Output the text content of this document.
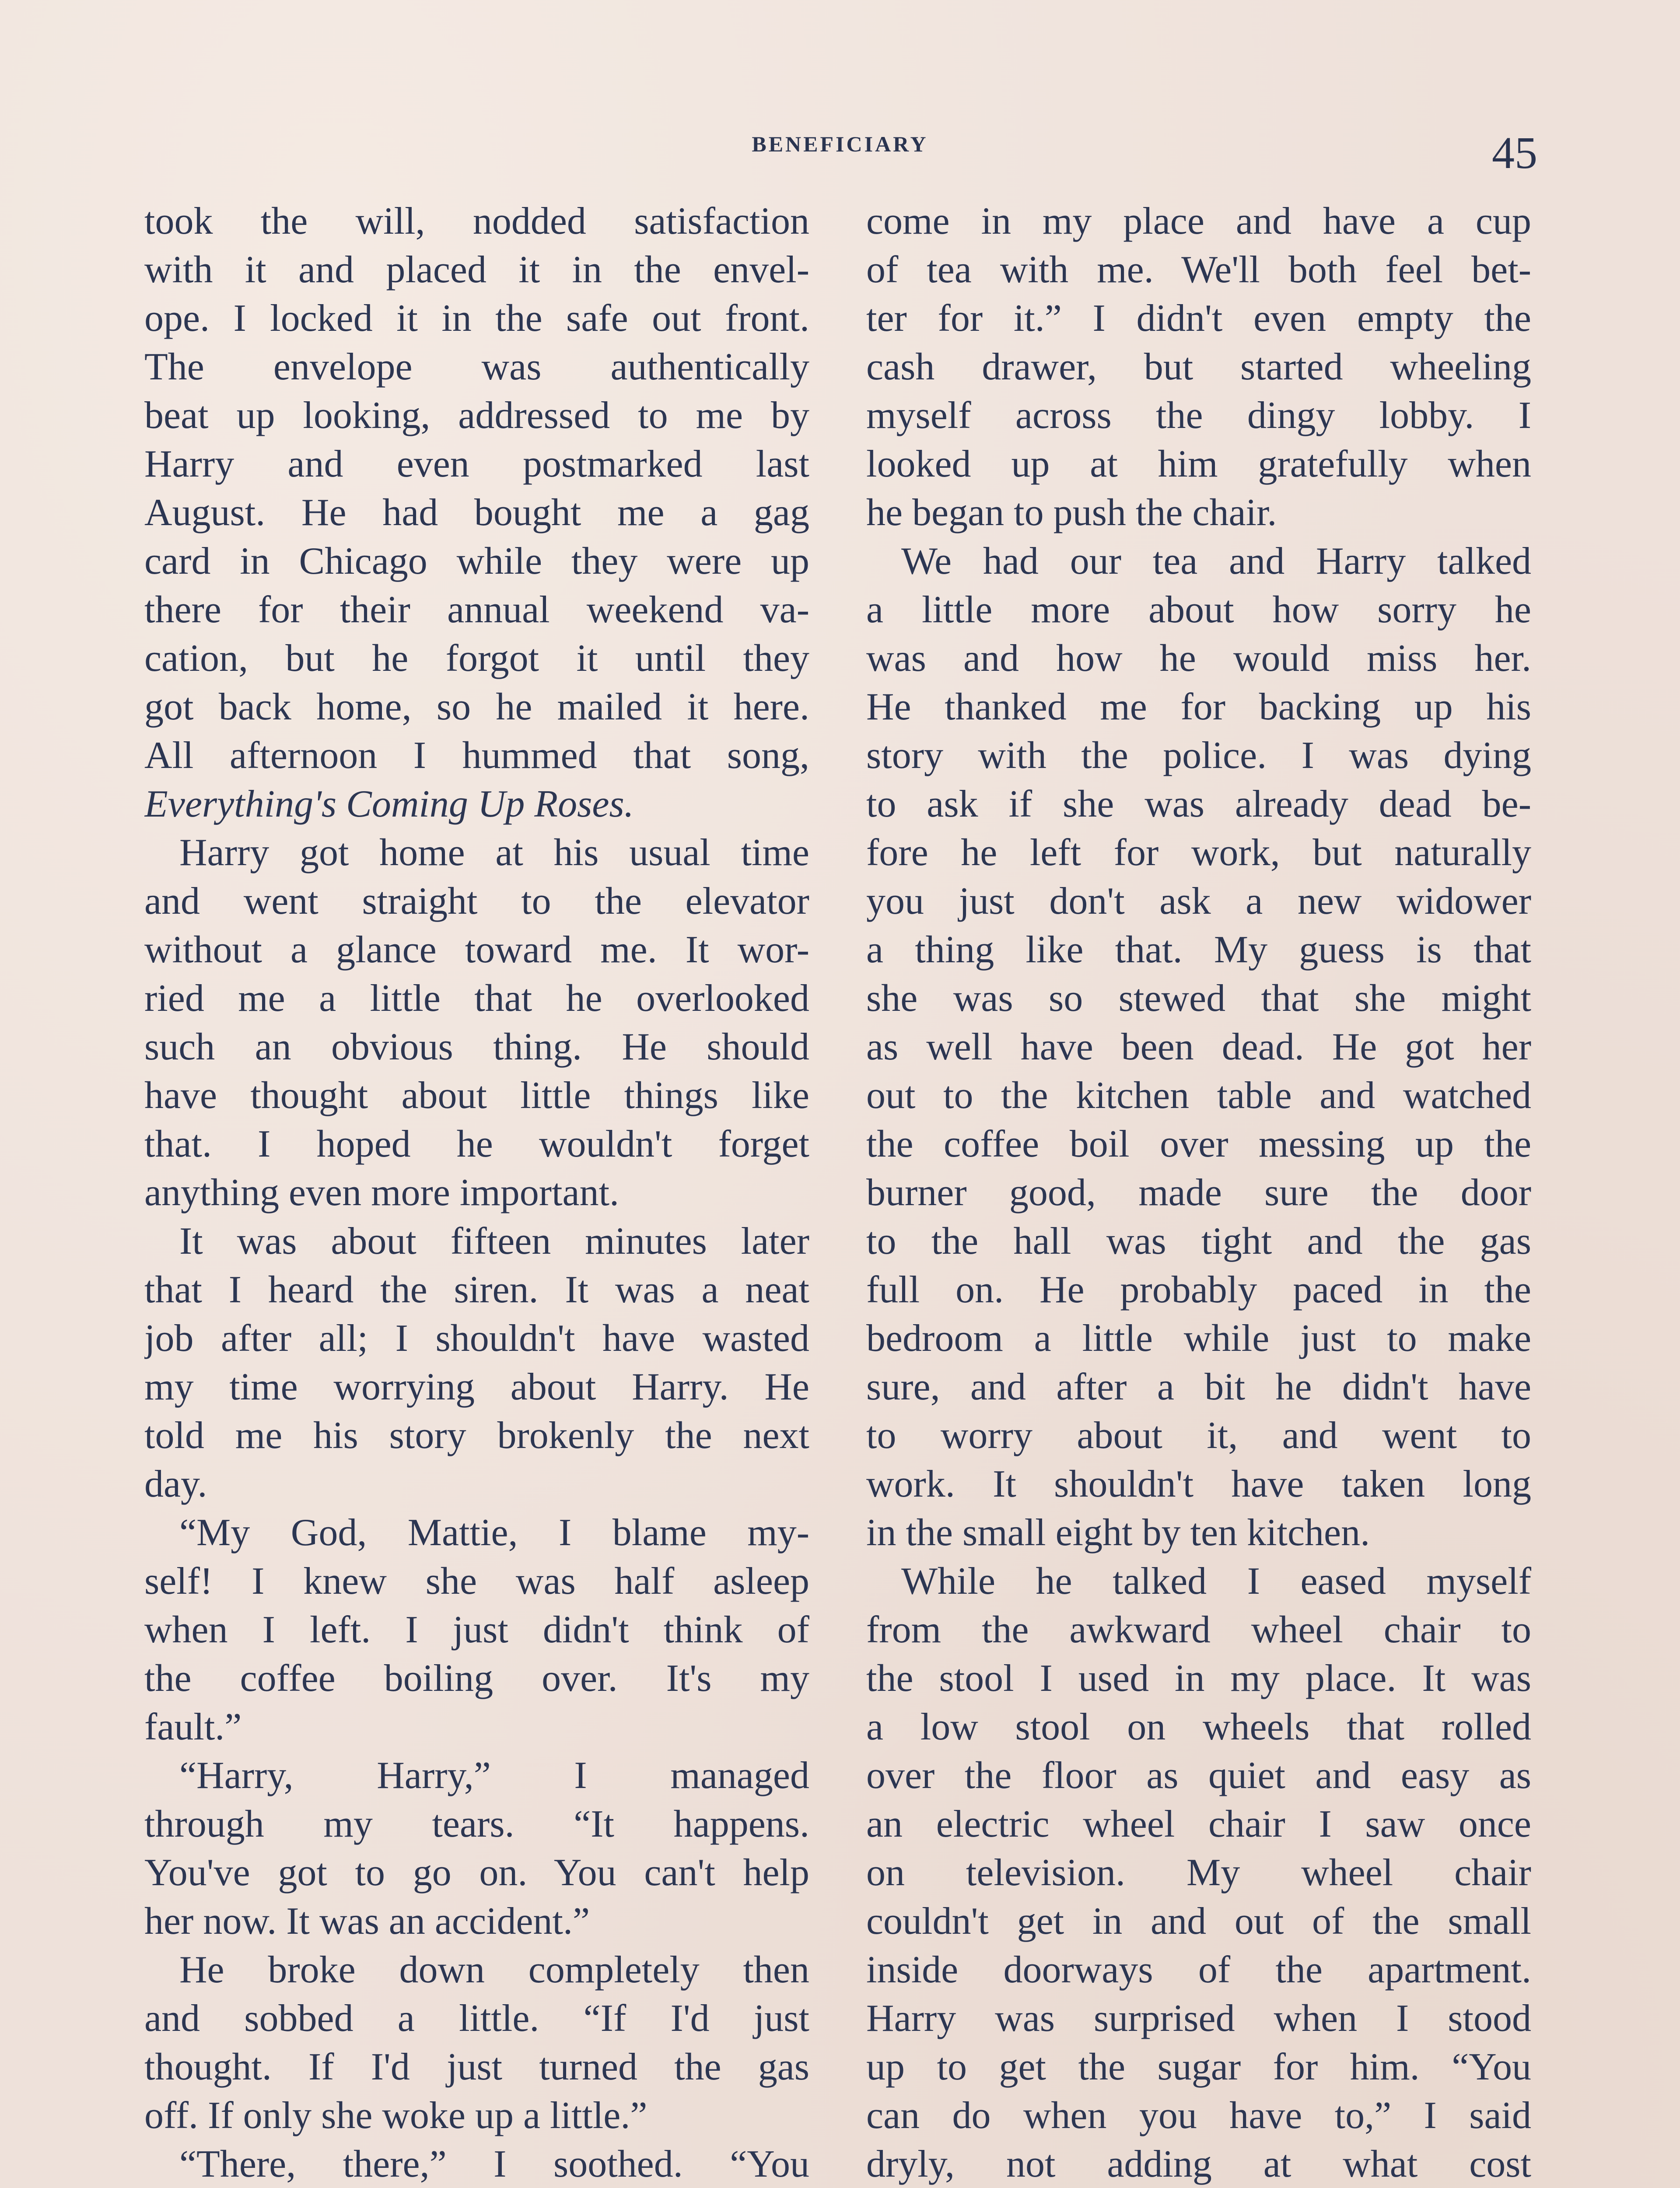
BENEFICIARY	45
took the will, nodded satisfaction
with it and placed it in the envel-
ope. I locked it in the safe out front.
The envelope was authentically
beat up looking, addressed to me by
Harry and even postmarked last
August. He had bought me a gag
card in Chicago while they were up
there for their annual weekend va-
cation, but he forgot it until they
got back home, so he mailed it here.
All afternoon I hummed that song,
Everything's Coming Up Roses.
Harry got home at his usual time
and went straight to the elevator
without a glance toward me. It wor-
ried me a little that he overlooked
such an obvious thing. He should
have thought about little things like
that. I hoped he wouldn't forget
anything even more important.
It was about fifteen minutes later
that I heard the siren. It was a neat
job after all; I shouldn't have wasted
my time worrying about Harry. He
told me his story brokenly the next
day.
“My God, Mattie, I blame my-
self! I knew she was half asleep
when I left. I just didn't think of
the coffee boiling over. It's my
fault.”
“Harry, Harry,” I managed
through my tears. “It happens.
You've got to go on. You can't help
her now. It was an accident.”
He broke down completely then
and sobbed a little. “If I'd just
thought. If I'd just turned the gas
off. If only she woke up a little.”
“There, there,” I soothed. “You
come in my place and have a cup
of tea with me. We'll both feel bet-
ter for it.” I didn't even empty the
cash drawer, but started wheeling
myself across the dingy lobby. I
looked up at him gratefully when
he began to push the chair.
We had our tea and Harry talked
a little more about how sorry he
was and how he would miss her.
He thanked me for backing up his
story with the police. I was dying
to ask if she was already dead be-
fore he left for work, but naturally
you just don't ask a new widower
a thing like that. My guess is that
she was so stewed that she might
as well have been dead. He got her
out to the kitchen table and watched
the coffee boil over messing up the
burner good, made sure the door
to the hall was tight and the gas
full on. He probably paced in the
bedroom a little while just to make
sure, and after a bit he didn't have
to worry about it, and went to
work. It shouldn't have taken long
in the small eight by ten kitchen.
While he talked I eased myself
from the awkward wheel chair to
the stool I used in my place. It was
a low stool on wheels that rolled
over the floor as quiet and easy as
an electric wheel chair I saw once
on television. My wheel chair
couldn't get in and out of the small
inside doorways of the apartment.
Harry was surprised when I stood
up to get the sugar for him. “You
can do when you have to,” I said
dryly, not adding at what cost
